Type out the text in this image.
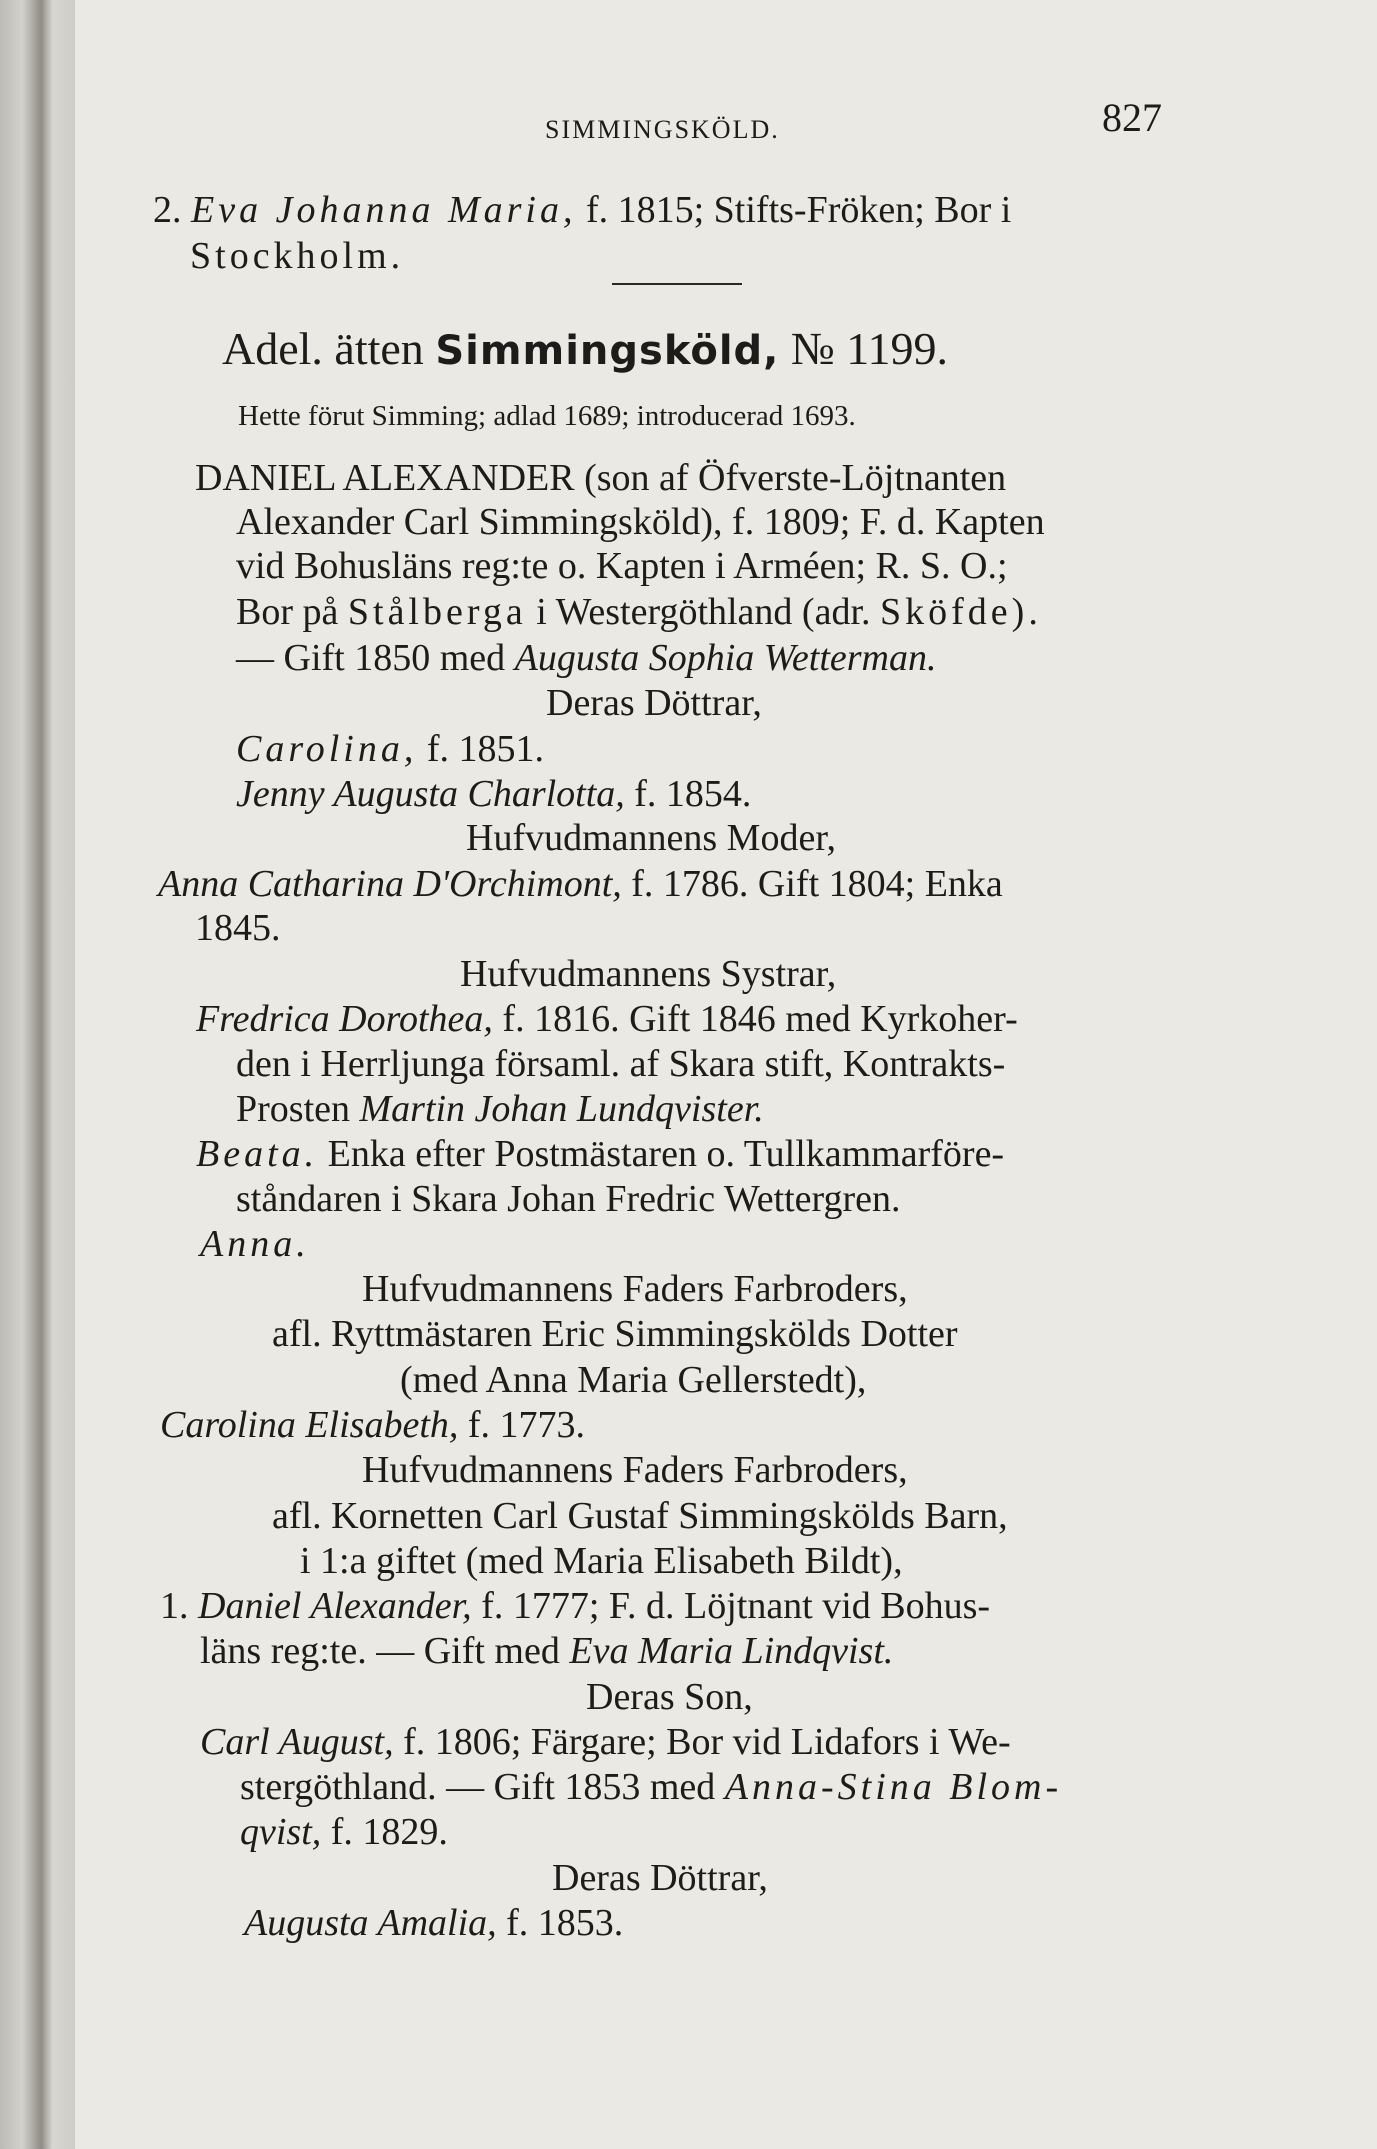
SIMMINGSKÖLD.	827
2. Eva Johanna Maria, f. 1815; Stifts-Fröken; Bor i
Stockholm.
Adel. ätten Simmingsköld, № 1199.
Hette förut Simming; adlad 1689; introducerad 1693.
DANIEL ALEXANDER (son af Öfverste-Löjtnanten
Alexander Carl Simmingsköld), f. 1809; F. d. Kapten
vid Bohusläns reg:te o. Kapten i Arméen; R. S. O.;
Bor på Stålberga i Westergöthland (adr. Sköfde).
— Gift 1850 med Augusta Sophia Wetterman.
Deras Döttrar,
Carolina, f. 1851.
Jenny Augusta Charlotta, f. 1854.
Hufvudmannens Moder,
Anna Catharina D'Orchimont, f. 1786. Gift 1804; Enka
1845.
Hufvudmannens Systrar,
Fredrica Dorothea, f. 1816. Gift 1846 med Kyrkoher-
den i Herrljunga församl. af Skara stift, Kontrakts-
Prosten Martin Johan Lundqvister.
Beata. Enka efter Postmästaren o. Tullkammarföre-
ståndaren i Skara Johan Fredric Wettergren.
Anna.
Hufvudmannens Faders Farbroders,
afl. Ryttmästaren Eric Simmingskölds Dotter
(med Anna Maria Gellerstedt),
Carolina Elisabeth, f. 1773.
Hufvudmannens Faders Farbroders,
afl. Kornetten Carl Gustaf Simmingskölds Barn,
i 1:a giftet (med Maria Elisabeth Bildt),
1. Daniel Alexander, f. 1777; F. d. Löjtnant vid Bohus-
läns reg:te. — Gift med Eva Maria Lindqvist.
Deras Son,
Carl August, f. 1806; Färgare; Bor vid Lidafors i We-
stergöthland. — Gift 1853 med Anna-Stina Blom-
qvist, f. 1829.
Deras Döttrar,
Augusta Amalia, f. 1853.
